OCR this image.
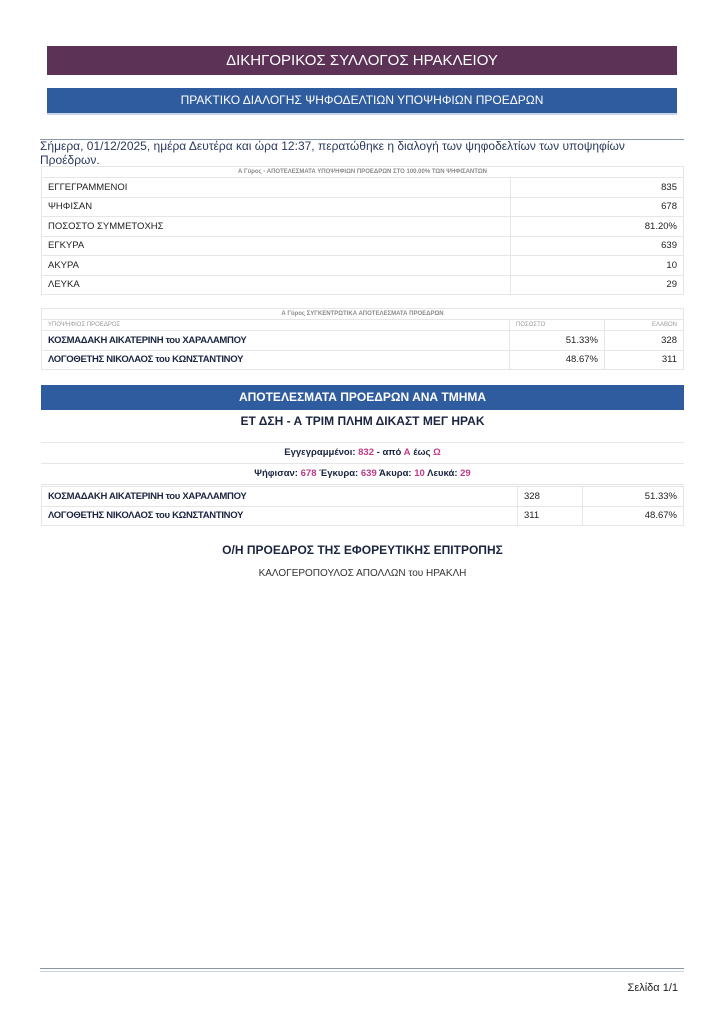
ΔΙΚΗΓΟΡΙΚΟΣ ΣΥΛΛΟΓΟΣ ΗΡΑΚΛΕΙΟΥ
ΠΡΑΚΤΙΚΟ ΔΙΑΛΟΓΗΣ ΨΗΦΟΔΕΛΤΙΩΝ ΥΠΟΨΗΦΙΩΝ ΠΡΟΕΔΡΩΝ
Σήμερα, 01/12/2025, ημέρα Δευτέρα και ώρα 12:37, περατώθηκε η διαλογή των ψηφοδελτίων των υποψηφίων Προέδρων.
Α Γύρος - ΑΠΟΤΕΛΕΣΜΑΤΑ ΥΠΟΨΗΦΙΩΝ ΠΡΟΕΔΡΩΝ ΣΤΟ 100.00% ΤΩΝ ΨΗΦΙΣΑΝΤΩΝ	
ΕΓΓΕΓΡΑΜΜΕΝΟΙ	835
ΨΗΦΙΣΑΝ	678
ΠΟΣΟΣΤΟ ΣΥΜΜΕΤΟΧΗΣ	81.20%
ΕΓΚΥΡΑ	639
ΑΚΥΡΑ	10
ΛΕΥΚΑ	29
Α Γύρος ΣΥΓΚΕΝΤΡΩΤΙΚΑ ΑΠΟΤΕΛΕΣΜΑΤΑ ΠΡΟΕΔΡΩΝ		
ΥΠΟΨΗΦΙΟΣ ΠΡΟΕΔΡΟΣ	ΠΟΣΟΣΤΟ	ΕΛΑΒΟΝ
ΚΟΣΜΑΔΑΚΗ ΑΙΚΑΤΕΡΙΝΗ του ΧΑΡΑΛΑΜΠΟΥ	51.33%	328
ΛΟΓΟΘΕΤΗΣ ΝΙΚΟΛΑΟΣ του ΚΩΝΣΤΑΝΤΙΝΟΥ	48.67%	311
ΑΠΟΤΕΛΕΣΜΑΤΑ ΠΡΟΕΔΡΩΝ ΑΝΑ ΤΜΗΜΑ
ΕΤ ΔΣΗ - Α ΤΡΙΜ ΠΛΗΜ ΔΙΚΑΣΤ ΜΕΓ ΗΡΑΚ
Εγγεγραμμένοι: 832 - από Α έως Ω
Ψήφισαν: 678 Έγκυρα: 639 Άκυρα: 10 Λευκά: 29
ΚΟΣΜΑΔΑΚΗ ΑΙΚΑΤΕΡΙΝΗ του ΧΑΡΑΛΑΜΠΟΥ	328	51.33%
ΛΟΓΟΘΕΤΗΣ ΝΙΚΟΛΑΟΣ του ΚΩΝΣΤΑΝΤΙΝΟΥ	311	48.67%
Ο/Η ΠΡΟΕΔΡΟΣ ΤΗΣ ΕΦΟΡΕΥΤΙΚΗΣ ΕΠΙΤΡΟΠΗΣ
ΚΑΛΟΓΕΡΟΠΟΥΛΟΣ ΑΠΟΛΛΩΝ του ΗΡΑΚΛΗ
Σελίδα 1/1
